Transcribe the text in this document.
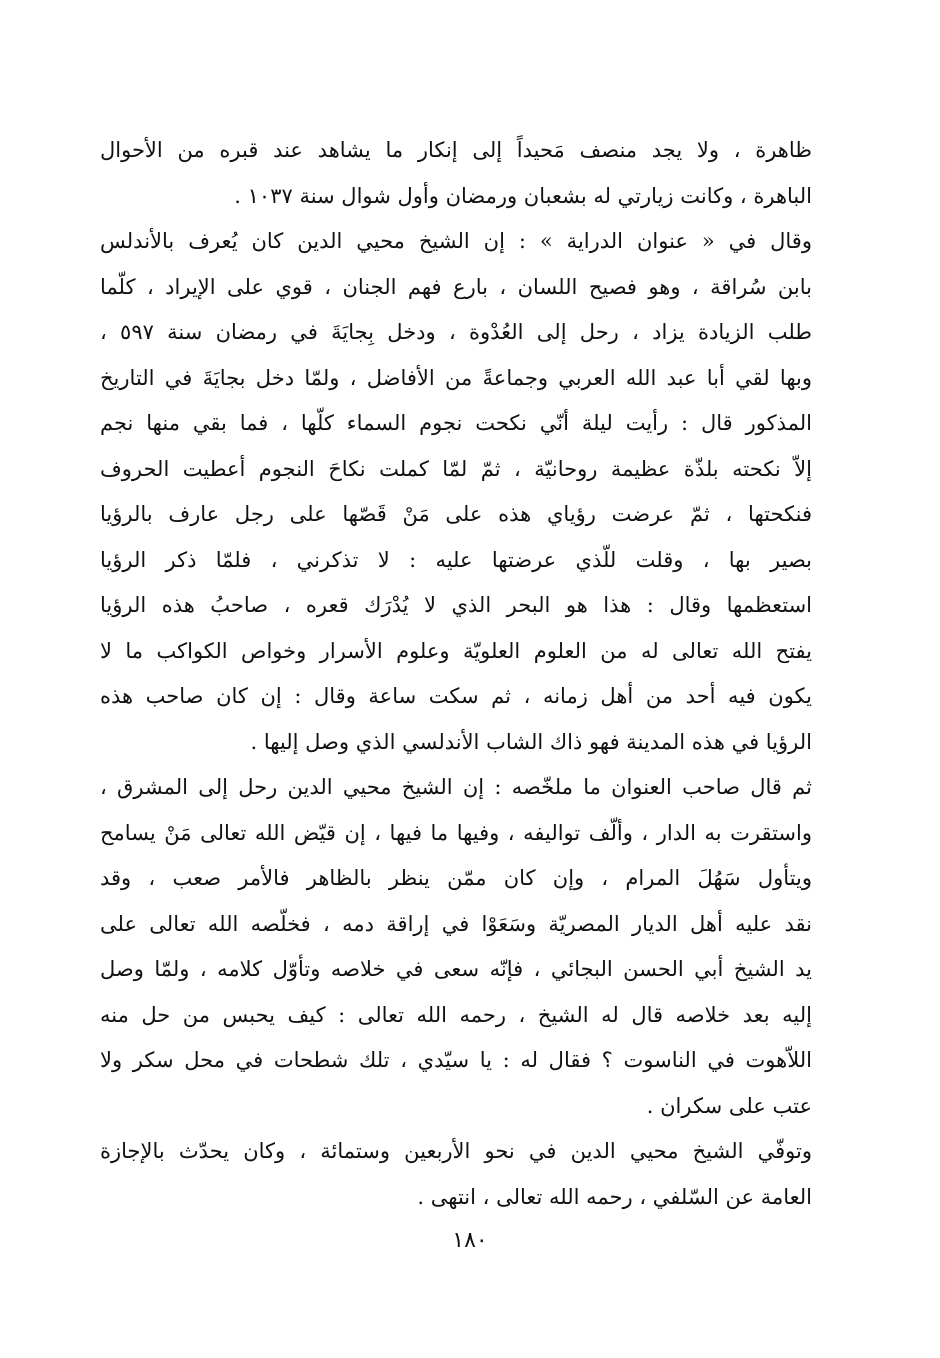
ظاهرة ، ولا يجد منصف مَحيداً إلى إنكار ما يشاهد عند قبره من الأحوال
الباهرة ، وكانت زيارتي له بشعبان ورمضان وأول شوال سنة ١٠٣٧ .
وقال في « عنوان الدراية » : إن الشيخ محيي الدين كان يُعرف بالأندلس
بابن سُراقة ، وهو فصيح اللسان ، بارع فهم الجنان ، قوي على الإيراد ، كلّما
طلب الزيادة يزاد ، رحل إلى العُدْوة ، ودخل بِجايَةَ في رمضان سنة ٥٩٧ ،
وبها لقي أبا عبد الله العربي وجماعةً من الأفاضل ، ولمّا دخل بجايَةَ في التاريخ
المذكور قال : رأيت ليلة أنّي نكحت نجوم السماء كلّها ، فما بقي منها نجم
إلاّ نكحته بلذّة عظيمة روحانيّة ، ثمّ لمّا كملت نكاحَ النجوم أعطيت الحروف
فنكحتها ، ثمّ عرضت رؤياي هذه على مَنْ قَصّها على رجل عارف بالرؤيا
بصير بها ، وقلت للّذي عرضتها عليه : لا تذكرني ، فلمّا ذكر الرؤيا
استعظمها وقال : هذا هو البحر الذي لا يُدْرَك قعره ، صاحبُ هذه الرؤيا
يفتح الله تعالى له من العلوم العلويّة وعلوم الأسرار وخواص الكواكب ما لا
يكون فيه أحد من أهل زمانه ، ثم سكت ساعة وقال : إن كان صاحب هذه
الرؤيا في هذه المدينة فهو ذاك الشاب الأندلسي الذي وصل إليها .
ثم قال صاحب العنوان ما ملخّصه : إن الشيخ محيي الدين رحل إلى المشرق ،
واستقرت به الدار ، وألّف تواليفه ، وفيها ما فيها ، إن قيّض الله تعالى مَنْ يسامح
ويتأول سَهُلَ المرام ، وإن كان ممّن ينظر بالظاهر فالأمر صعب ، وقد
نقد عليه أهل الديار المصريّة وسَعَوْا في إراقة دمه ، فخلّصه الله تعالى على
يد الشيخ أبي الحسن البجائي ، فإنّه سعى في خلاصه وتأوّل كلامه ، ولمّا وصل
إليه بعد خلاصه قال له الشيخ ، رحمه الله تعالى : كيف يحبس من حل منه
اللاّهوت في الناسوت ؟ فقال له : يا سيّدي ، تلك شطحات في محل سكر ولا
عتب على سكران .
وتوفّي الشيخ محيي الدين في نحو الأربعين وستمائة ، وكان يحدّث بالإجازة
العامة عن السّلفي ، رحمه الله تعالى ، انتهى .
١٨٠
